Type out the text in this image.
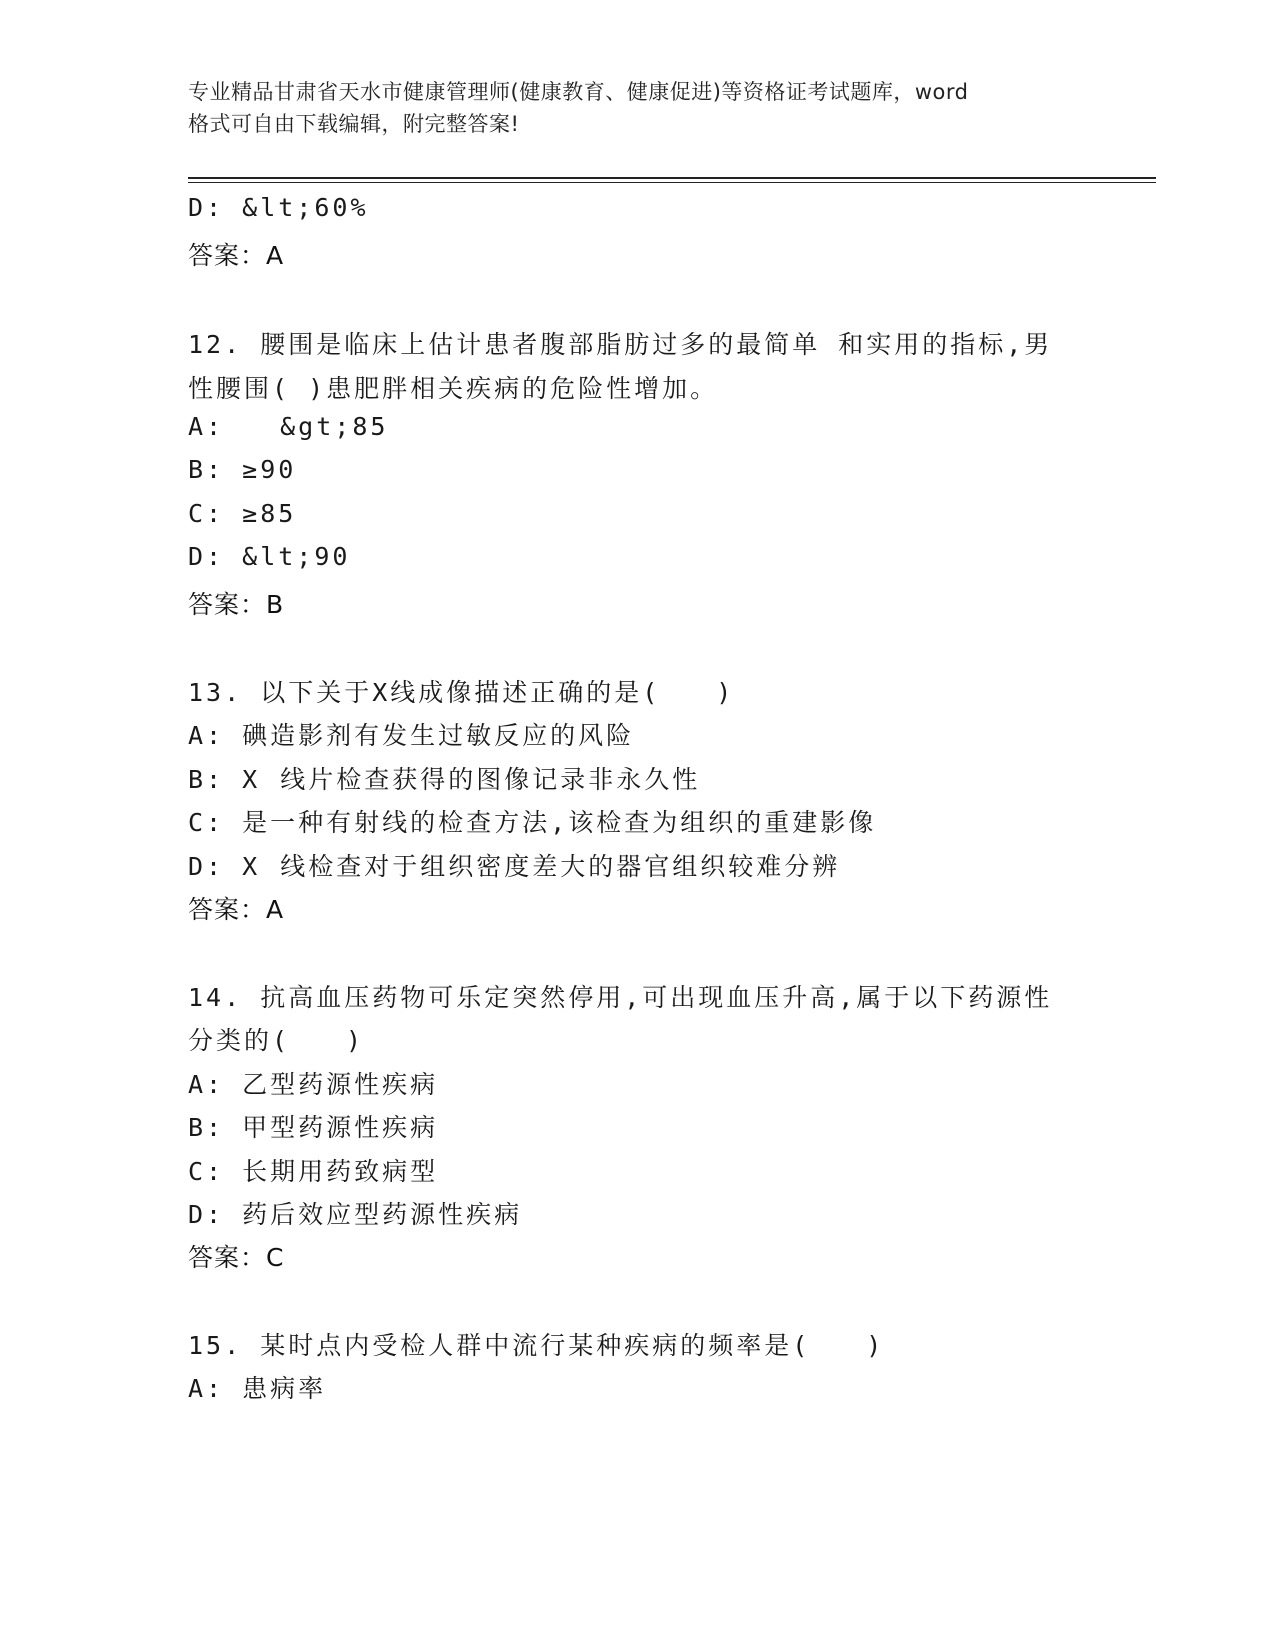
专业精品甘肃省天水市健康管理师(健康教育、健康促进)等资格证考试题库，word
格式可自由下载编辑，附完整答案!
D: &lt;60%
答案：A
12. 腰围是临床上估计患者腹部脂肪过多的最简单 和实用的指标,男
性腰围( )患肥胖相关疾病的危险性增加。
A: &gt;85
B: ≥90
C: ≥85
D: &lt;90
答案：B
13. 以下关于X线成像描述正确的是(　　)
A: 碘造影剂有发生过敏反应的风险
B: X 线片检查获得的图像记录非永久性
C: 是一种有射线的检查方法,该检查为组织的重建影像
D: X 线检查对于组织密度差大的器官组织较难分辨
答案：A
14. 抗高血压药物可乐定突然停用,可出现血压升高,属于以下药源性
分类的(　　)
A: 乙型药源性疾病
B: 甲型药源性疾病
C: 长期用药致病型
D: 药后效应型药源性疾病
答案：C
15. 某时点内受检人群中流行某种疾病的频率是(　　)
A: 患病率
